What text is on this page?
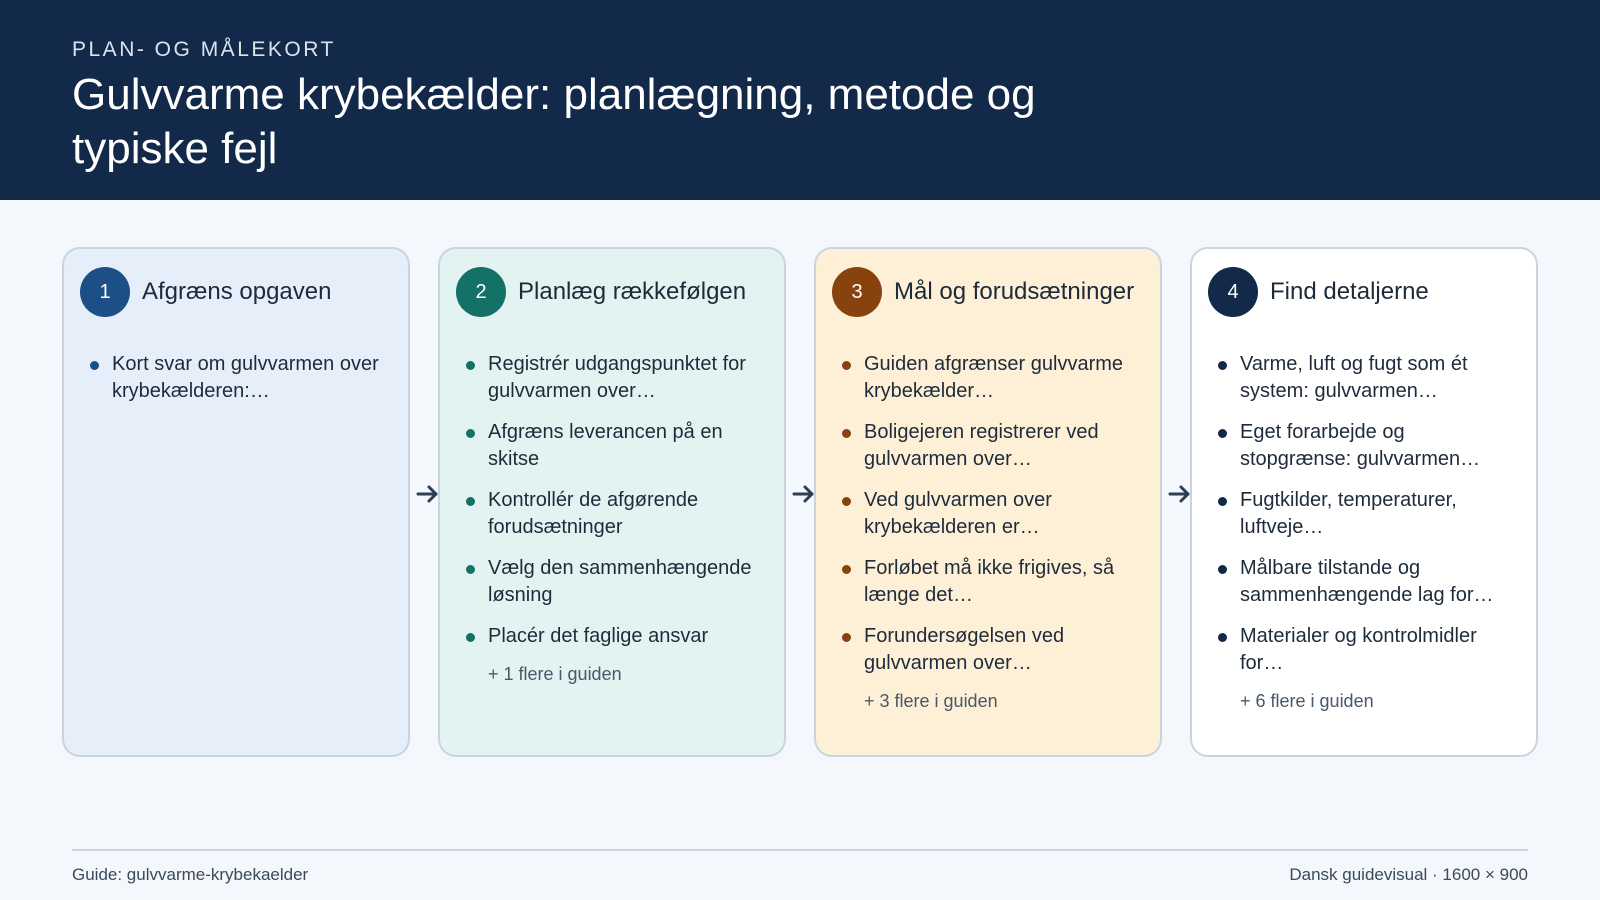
PLAN- OG MÅLEKORT
Gulvvarme krybekælder: planlægning, metode og typiske fejl
1	Afgræns opgaven
Kort svar om gulvvarmen over krybekælderen:…
2	Planlæg rækkefølgen
Registrér udgangspunktet for gulvvarmen over…
Afgræns leverancen på en skitse
Kontrollér de afgørende forudsætninger
Vælg den sammenhængende løsning
Placér det faglige ansvar
+ 1 flere i guiden
3	Mål og forudsætninger
Guiden afgrænser gulvvarme krybekælder…
Boligejeren registrerer ved gulvvarmen over…
Ved gulvvarmen over krybekælderen er…
Forløbet må ikke frigives, så længe det…
Forundersøgelsen ved gulvvarmen over…
+ 3 flere i guiden
4	Find detaljerne
Varme, luft og fugt som ét system: gulvvarmen…
Eget forarbejde og stopgrænse: gulvvarmen…
Fugtkilder, temperaturer, luftveje…
Målbare tilstande og sammenhængende lag for…
Materialer og kontrolmidler for…
+ 6 flere i guiden
Guide: gulvvarme-krybekaelder	Dansk guidevisual · 1600 × 900
